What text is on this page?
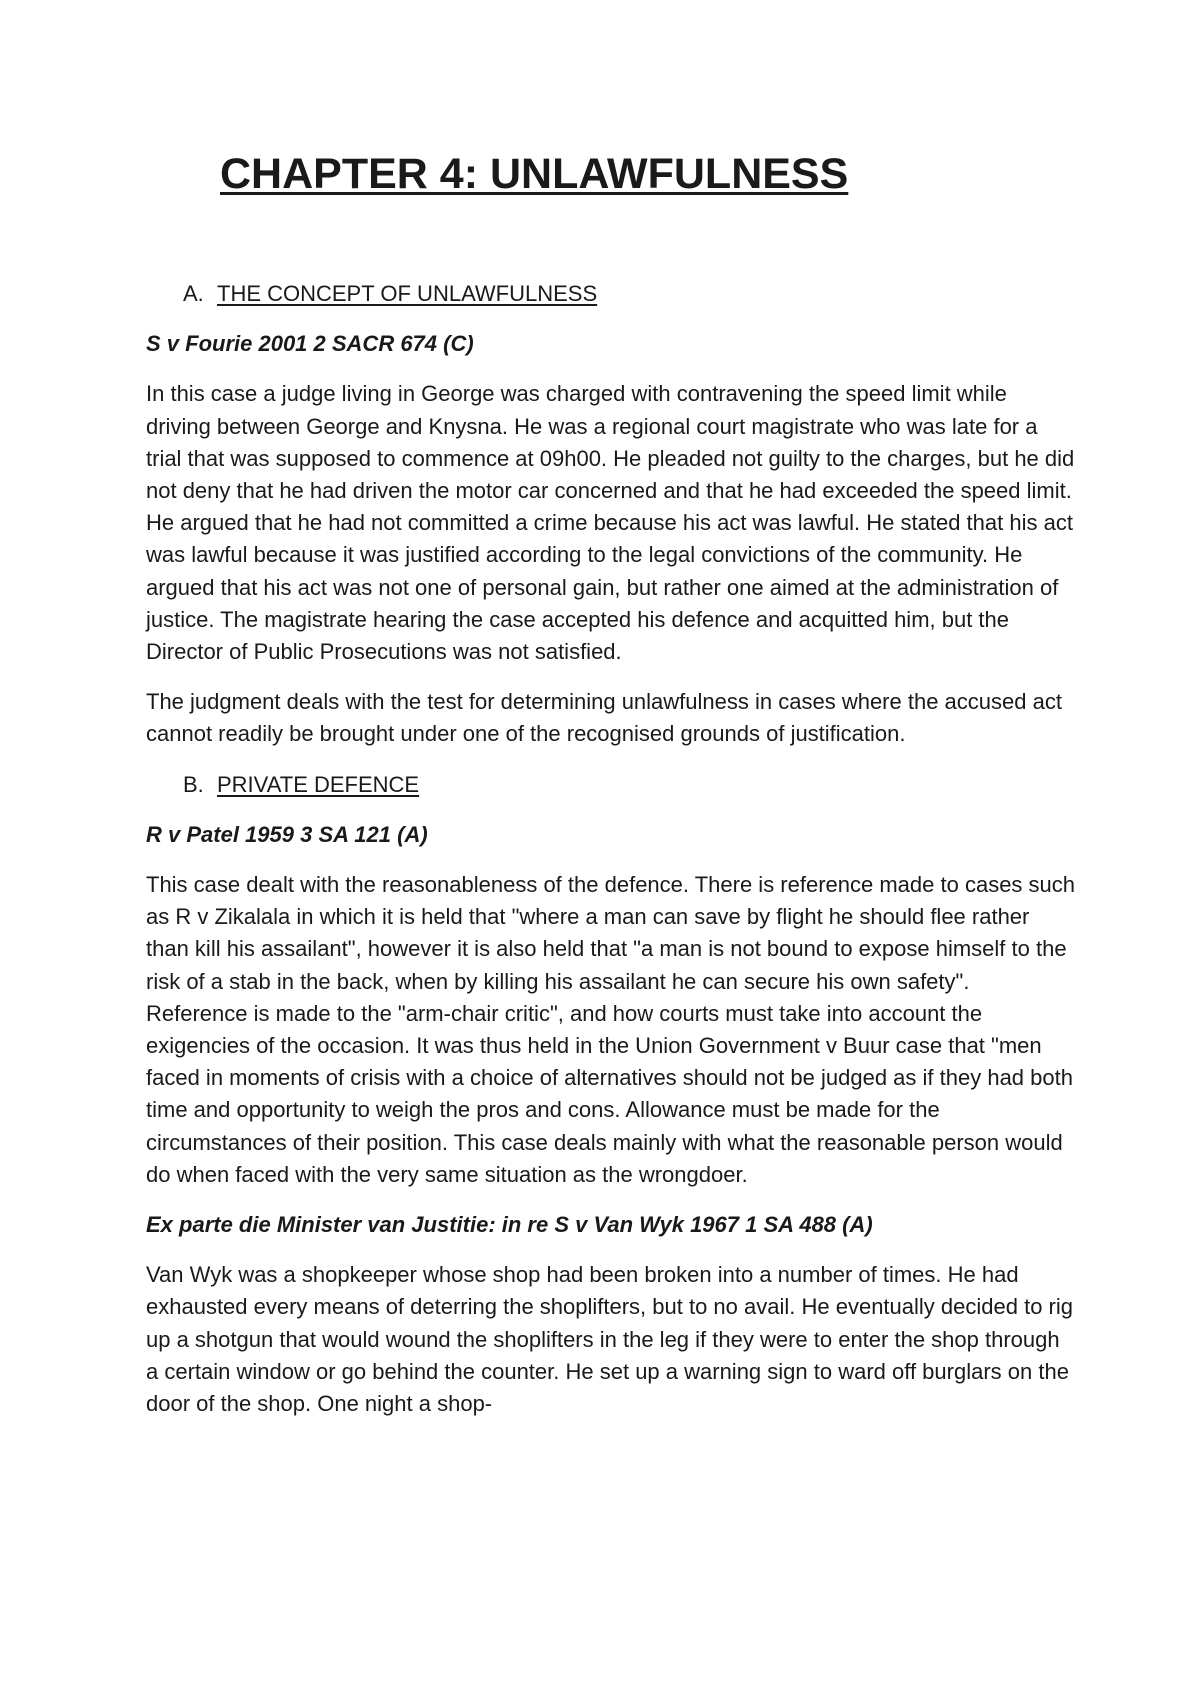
CHAPTER 4: UNLAWFULNESS

A. THE CONCEPT OF UNLAWFULNESS

S v Fourie 2001 2 SACR 674 (C)

In this case a judge living in George was charged with contravening the speed limit while driving between George and Knysna. He was a regional court magistrate who was late for a trial that was supposed to commence at 09h00. He pleaded not guilty to the charges, but he did not deny that he had driven the motor car concerned and that he had exceeded the speed limit. He argued that he had not committed a crime because his act was lawful. He stated that his act was lawful because it was justified according to the legal convictions of the community. He argued that his act was not one of personal gain, but rather one aimed at the administration of justice. The magistrate hearing the case accepted his defence and acquitted him, but the Director of Public Prosecutions was not satisfied.

The judgment deals with the test for determining unlawfulness in cases where the accused act cannot readily be brought under one of the recognised grounds of justification.

B. PRIVATE DEFENCE

R v Patel 1959 3 SA 121 (A)

This case dealt with the reasonableness of the defence. There is reference made to cases such as R v Zikalala in which it is held that "where a man can save by flight he should flee rather than kill his assailant", however it is also held that "a man is not bound to expose himself to the risk of a stab in the back, when by killing his assailant he can secure his own safety". Reference is made to the "arm-chair critic", and how courts must take into account the exigencies of the occasion. It was thus held in the Union Government v Buur case that "men faced in moments of crisis with a choice of alternatives should not be judged as if they had both time and opportunity to weigh the pros and cons. Allowance must be made for the circumstances of their position. This case deals mainly with what the reasonable person would do when faced with the very same situation as the wrongdoer.

Ex parte die Minister van Justitie: in re S v Van Wyk 1967 1 SA 488 (A)

Van Wyk was a shopkeeper whose shop had been broken into a number of times. He had exhausted every means of deterring the shoplifters, but to no avail. He eventually decided to rig up a shotgun that would wound the shoplifters in the leg if they were to enter the shop through a certain window or go behind the counter. He set up a warning sign to ward off burglars on the door of the shop. One night a shop-
